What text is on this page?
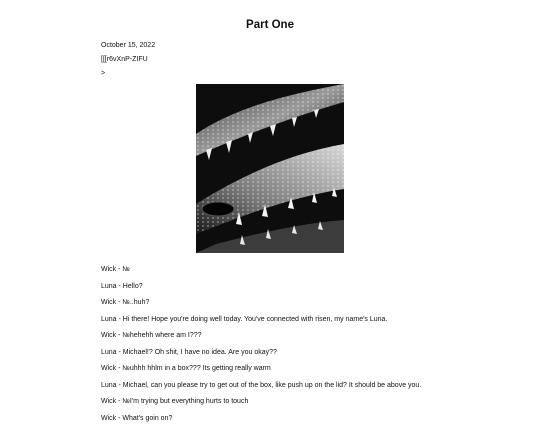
Part One
October 15, 2022
[[[r6vXnP-ZIFU
>
Wick - №
Luna - Hello?
Wick - №..huh?
Luna - Hi there! Hope you're doing well today. You've connected with risen, my name's Luna.
Wick - №hehehh where am I???
Luna - Michael!? Oh shit, I have no idea. Are you okay??
Wick - №uhhh hhlm in a box??? Its getting really warm
Luna - Michael, can you please try to get out of the box, like push up on the lid? It should be above you.
Wick - №I'm trying but everything hurts to touch
Wick - What's goin on?
